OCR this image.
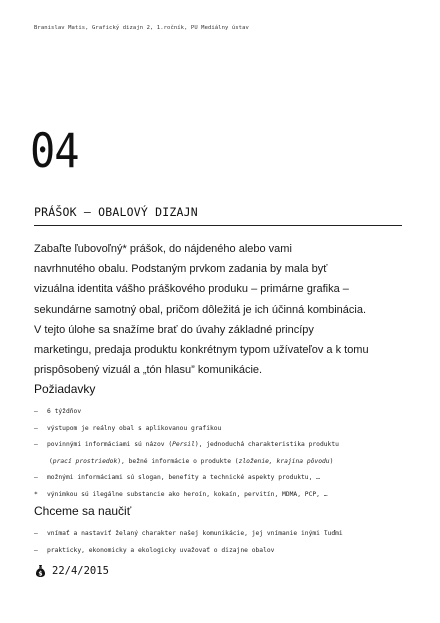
Branislav Matis, Grafický dizajn 2, 1.ročník, PU Mediálny ústav
04
PRÁŠOK — OBALOVÝ DIZAJN

Zabaľte ľubovoľný* prášok, do nájdeného alebo vami

navrhnutého obalu. Podstaným prvkom zadania by mala byť

vizuálna identita vášho práškového produku – primárne grafika –

sekundárne samotný obal, pričom dôležitá je ich účinná kombinácia.

V tejto úlohe sa snažíme brať do úvahy základné princípy

marketingu, predaja produktu konkrétnym typom užívateľov a k tomu

prispôsobený vizuál a „tón hlasu” komunikácie.

Požiadavky
— 6 týždňov
— výstupom je reálny obal s aplikovanou grafikou
— povinnými informáciami sú názov (Persil), jednoduchá charakteristika produktu
(prací prostriedok), bežné informácie o produkte (zloženie, krajina pôvodu)
— možnými informáciami sú slogan, benefity a technické aspekty produktu, …
* výnimkou sú ilegálne substancie ako heroín, kokaín, pervitín, MDMA, PCP, …
Chceme sa naučiť
— vnímať a nastaviť želaný charakter našej komunikácie, jej vnímanie inými ľuďmi
— prakticky, ekonomicky a ekologicky uvažovať o dizajne obalov
$ 22/4/2015
